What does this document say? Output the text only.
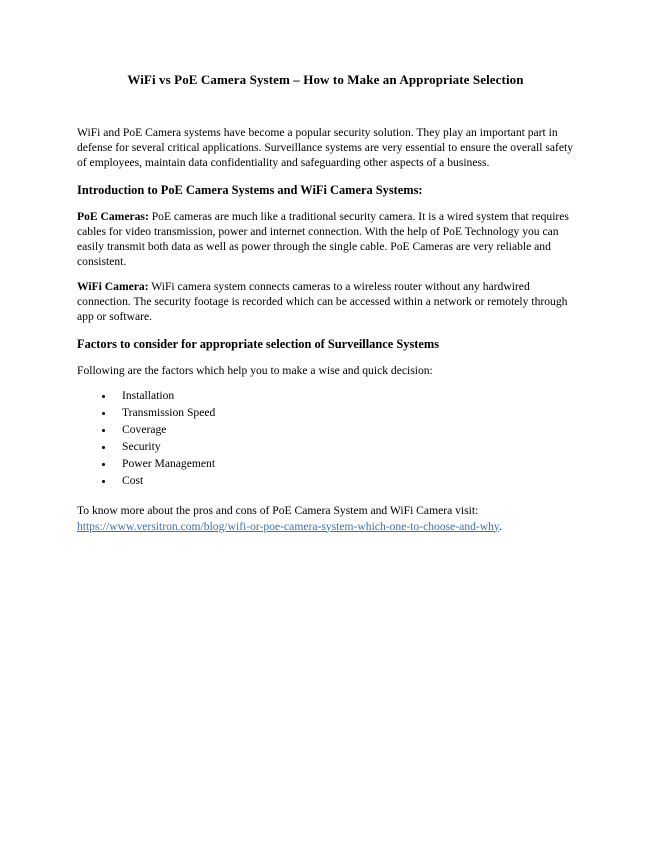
WiFi vs PoE Camera System – How to Make an Appropriate Selection

WiFi and PoE Camera systems have become a popular security solution. They play an important part in defense for several critical applications. Surveillance systems are very essential to ensure the overall safety of employees, maintain data confidentiality and safeguarding other aspects of a business.

Introduction to PoE Camera Systems and WiFi Camera Systems:

PoE Cameras: PoE cameras are much like a traditional security camera. It is a wired system that requires cables for video transmission, power and internet connection. With the help of PoE Technology you can easily transmit both data as well as power through the single cable. PoE Cameras are very reliable and consistent.

WiFi Camera: WiFi camera system connects cameras to a wireless router without any hardwired connection. The security footage is recorded which can be accessed within a network or remotely through app or software.

Factors to consider for appropriate selection of Surveillance Systems

Following are the factors which help you to make a wise and quick decision:

• Installation
• Transmission Speed
• Coverage
• Security
• Power Management
• Cost

To know more about the pros and cons of PoE Camera System and WiFi Camera visit:
https://www.versitron.com/blog/wifi-or-poe-camera-system-which-one-to-choose-and-why.
